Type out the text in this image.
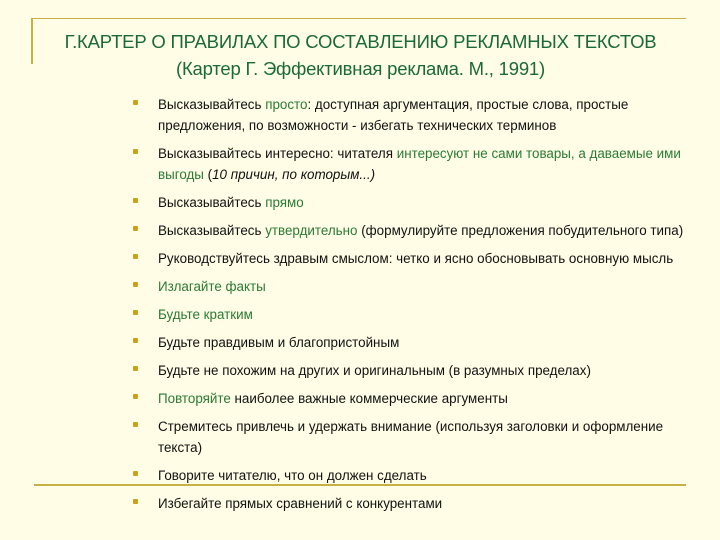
Г.КАРТЕР О ПРАВИЛАХ ПО СОСТАВЛЕНИЮ РЕКЛАМНЫХ ТЕКСТОВ
(Картер Г. Эффективная реклама. М., 1991)
Высказывайтесь просто: доступная аргументация, простые слова, простые предложения, по возможности - избегать технических терминов
Высказывайтесь интересно: читателя интересуют не сами товары, а даваемые ими выгоды (10 причин, по которым...)
Высказывайтесь прямо
Высказывайтесь утвердительно (формулируйте предложения побудительного типа)
Руководствуйтесь здравым смыслом: четко и ясно обосновывать основную мысль
Излагайте факты
Будьте кратким
Будьте правдивым и благопристойным
Будьте не похожим на других и оригинальным (в разумных пределах)
Повторяйте наиболее важные коммерческие аргументы
Стремитесь привлечь и удержать внимание (используя заголовки и оформление текста)
Говорите читателю, что он должен сделать
Избегайте прямых сравнений с конкурентами
